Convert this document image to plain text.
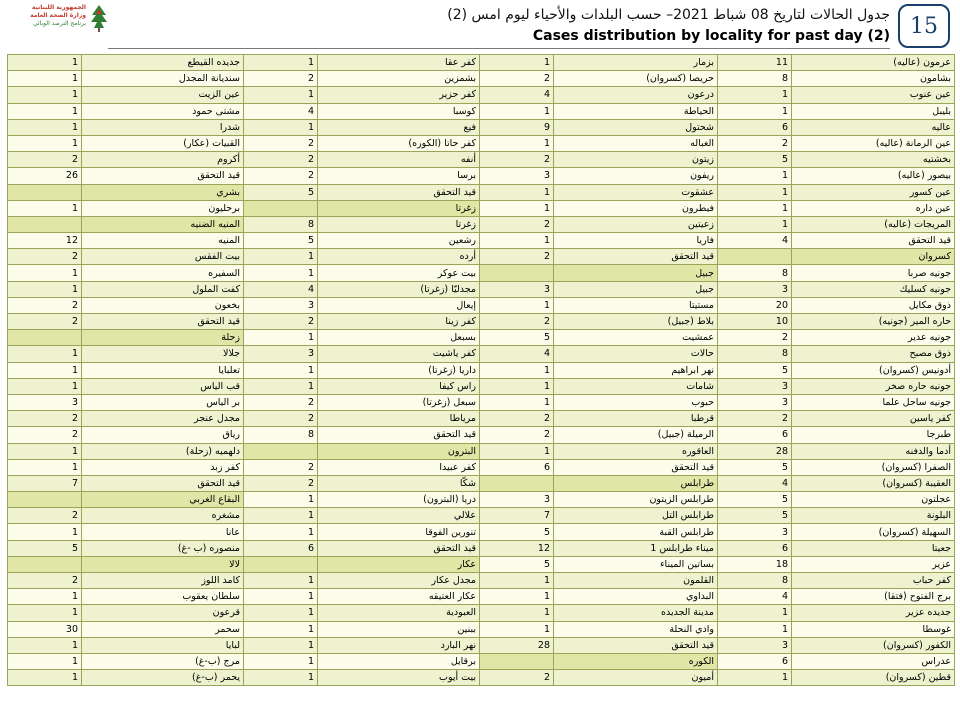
الجمهورية اللبنانية
وزارة الصحة العامة
برنامج الترصد الوبائي
جدول الحالات لتاريخ 08 شباط 2021– حسب البلدات والأحياء ليوم امس (2)
Cases distribution by locality for past day (2) 15
1	جديده القيطع	1	كفر عقا	1	بزمار	11	عرمون (عاليه)
1	سنديانة المجدل	2	بشمزين	2	حريصا (كسروان)	8	بشامون
1	عين الزيت	1	كفر حزير	4	درعون	1	عين عنوب
1	مشتى حمود	4	كوسبا	1	الحياطة	1	بليبل
1	شدرا	1	فيع	9	شحتول	6	عاليه
1	القبيات (عكار)	2	كفر حاتا (الكوره)	1	الغباله	2	عين الرمانة (عاليه)
2	أكروم	2	أنفه	2	زيتون	5	بخشتيه
26	قيد التحقق	2	برسا	3	ريفون	1	بيصور (عاليه)
	بشري	5	قيد التحقق	1	عشقوت	1	عين كسور
1	برحليون		زغرتا	1	فيطرون	1	عين داره
	المنيه الضنيه	8	زغرتا	2	زعيتين	1	المريجات (عاليه)
12	المنيه	5	رشعين	1	فاريا	4	قيد التحقق
2	بيت الفقس	1	أرده	2	قيد التحقق		كسروان
1	السفيره	1	بيت عوكر		جبيل	8	جونيه صربا
1	كفت الملول	4	مجدليّا (زغرتا)	3	جبيل	3	جونيه كسليك
2	بخعون	3	إيعال	1	مستيتا	20	ذوق مكايل
2	قيد التحقق	2	كفر زينا	2	بلاط (جبيل)	10	حاره المير (جونيه)
	زحلة	1	بسبعل	5	عمشيت	2	جونيه عدير
1	جلالا	3	كفر ياشيت	4	حالات	8	ذوق مصبح
1	تعلبايا	1	داريا (زغرتا)	1	نهر ابراهيم	5	أدونيس (كسروان)
1	قب الياس	1	راس كيفا	1	شامات	3	جونيه حاره صخر
3	بر الياس	2	سبعل (زغرتا)	1	حبوب	3	جونيه ساحل علما
2	مجدل عنجر	2	مرياطا	2	قرطبا	2	كفر ياسين
2	رياق	8	قيد التحقق	2	الرميلة (جبيل)	6	طبرجا
1	دلهميه (زحلة)		البترون	1	العاقوره	28	أدما والدفنه
1	كفر زبد	2	كفر عبيدا	6	قيد التحقق	5	الصفرا (كسروان)
7	قيد التحقق	2	شكّا		طرابلس	4	العقيبة (كسروان)
	البقاع الغربي	1	دريا (البترون)	3	طرابلس الزيتون	5	عجلتون
2	مشغره	1	علالي	7	طرابلس التل	5	البلونة
1	عانا	1	تنورين الفوقا	5	طرابلس القبة	3	السهيلة (كسروان)
5	منصوره (ب -غ)	6	قيد التحقق	12	ميناء طرابلس 1	6	جعيتا
	لالا		عكار	5	بساتين الميناء	18	عزير
2	كامد اللوز	1	مجدل عكار	1	القلمون	8	كفر حباب
1	سلطان يعقوب	1	عكار العتيقه	1	البداوي	4	برج الفتوح (فتقا)
1	قرعون	1	العبودية	1	مدينة الجديده	1	جديده عزير
30	سحمر	1	ببنين	1	وادي النحلة	1	غوسطا
1	لبايا	1	نهر البارد	28	قيد التحقق	3	الكفور (كسروان)
1	مرج (ب-غ)	1	برقايل		الكوره	6	عدراس
1	يحمر (ب-غ)	1	بيت أيوب	2	أميون	1	قطين (كسروان)
